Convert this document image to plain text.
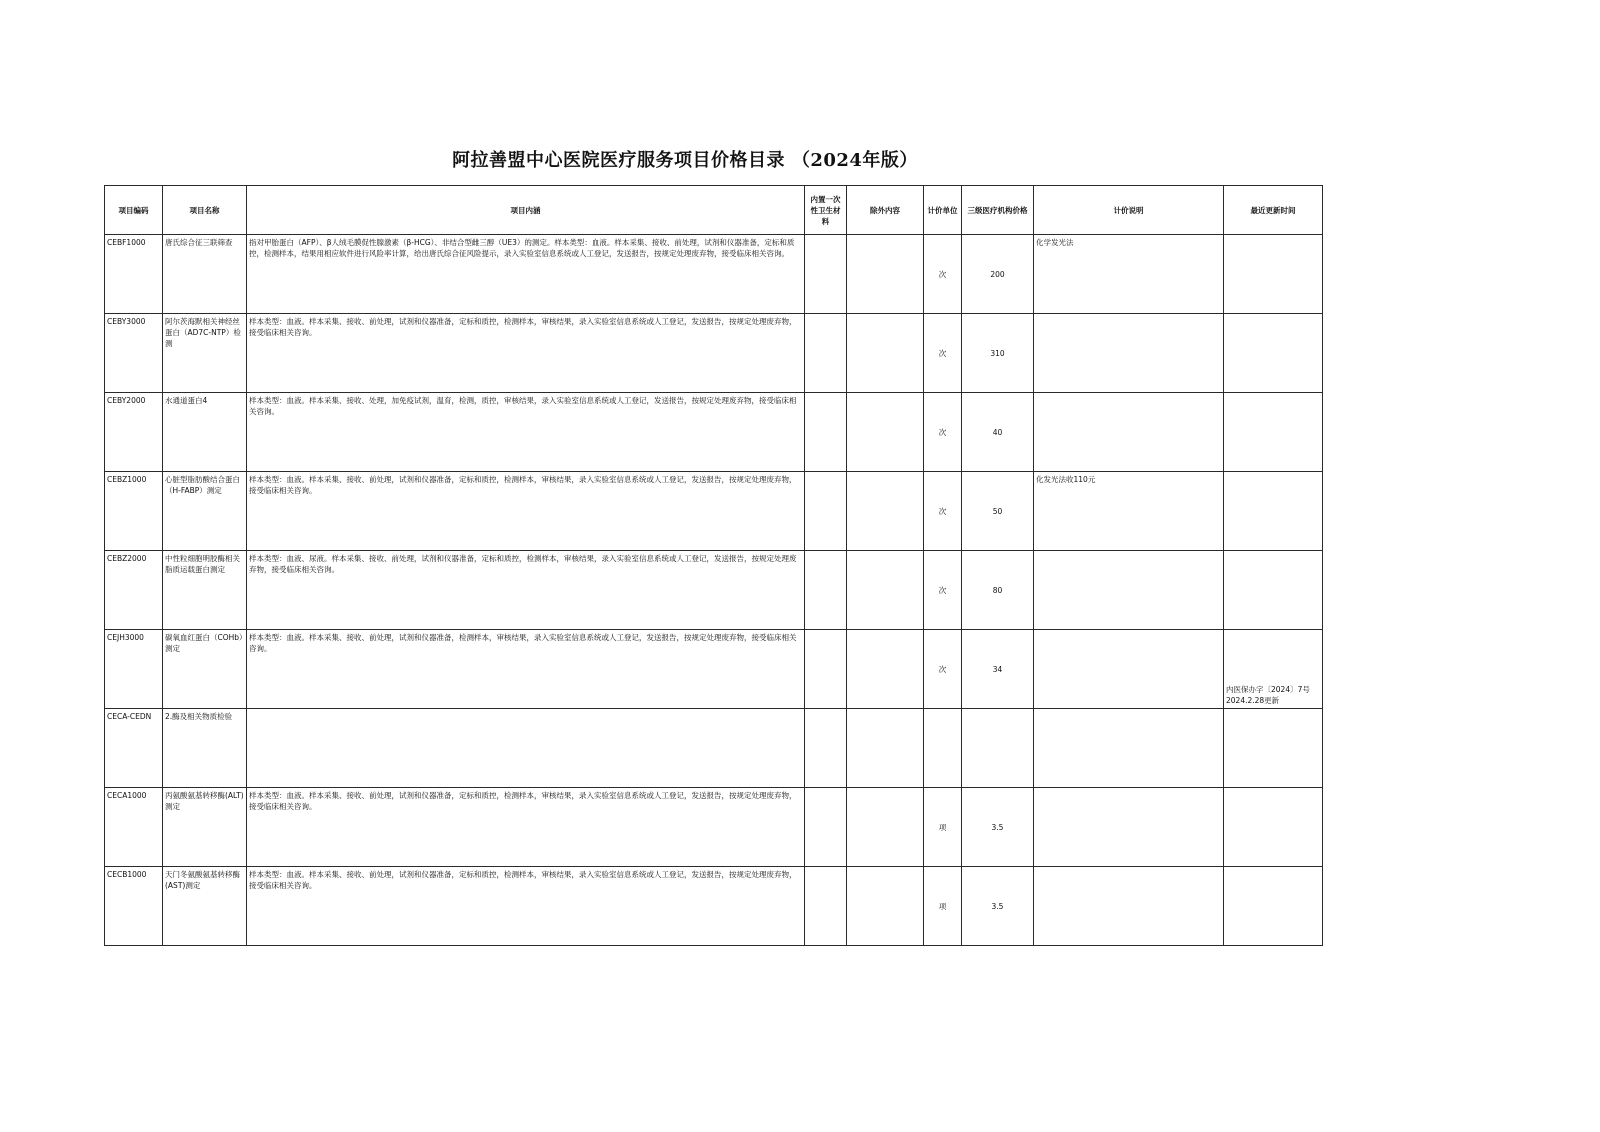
阿拉善盟中心医院医疗服务项目价格目录 （2024年版）
项目编码	项目名称	项目内涵	内置一次性卫生材料	除外内容	计价单位	三级医疗机构价格	计价说明	最近更新时间
CEBF1000	唐氏综合征三联筛查	指对甲胎蛋白（AFP）、β人绒毛膜促性腺激素（β-HCG）、非结合型雌三醇（UE3）的测定。样本类型：血液。样本采集、接收、前处理，试剂和仪器准备，定标和质控，检测样本，结果用相应软件进行风险率计算，给出唐氏综合征风险提示，录入实验室信息系统或人工登记，发送报告，按规定处理废弃物，接受临床相关咨询。			次	200	化学发光法	
CEBY3000	阿尔茨海默相关神经丝蛋白（AD7C-NTP）检测	样本类型：血液。样本采集、接收、前处理，试剂和仪器准备，定标和质控，检测样本，审核结果，录入实验室信息系统或人工登记，发送报告，按规定处理废弃物，接受临床相关咨询。			次	310		
CEBY2000	水通道蛋白4	样本类型：血液。样本采集、接收、处理，加免疫试剂，温育，检测，质控，审核结果，录入实验室信息系统或人工登记，发送报告，按规定处理废弃物，接受临床相关咨询。			次	40		
CEBZ1000	心脏型脂肪酸结合蛋白（H-FABP）测定	样本类型：血液。样本采集、接收、前处理，试剂和仪器准备，定标和质控，检测样本，审核结果，录入实验室信息系统或人工登记，发送报告，按规定处理废弃物，接受临床相关咨询。			次	50	化发光法收110元	
CEBZ2000	中性粒细胞明胶酶相关脂质运载蛋白测定	样本类型：血液、尿液。样本采集、接收、前处理，试剂和仪器准备，定标和质控，检测样本，审核结果，录入实验室信息系统或人工登记，发送报告，按规定处理废弃物，接受临床相关咨询。			次	80		
CEJH3000	碳氧血红蛋白（COHb）测定	样本类型：血液。样本采集、接收、前处理，试剂和仪器准备，检测样本，审核结果，录入实验室信息系统或人工登记，发送报告，按规定处理废弃物，接受临床相关咨询。			次	34		内医保办字〔2024〕7号 2024.2.28更新
CECA-CEDN	2.酶及相关物质检验							
CECA1000	丙氨酸氨基转移酶(ALT)测定	样本类型：血液。样本采集、接收、前处理，试剂和仪器准备，定标和质控，检测样本，审核结果，录入实验室信息系统或人工登记，发送报告，按规定处理废弃物，接受临床相关咨询。			项	3.5		
CECB1000	天门冬氨酸氨基转移酶(AST)测定	样本类型：血液。样本采集、接收、前处理，试剂和仪器准备，定标和质控，检测样本，审核结果，录入实验室信息系统或人工登记，发送报告，按规定处理废弃物，接受临床相关咨询。			项	3.5		
